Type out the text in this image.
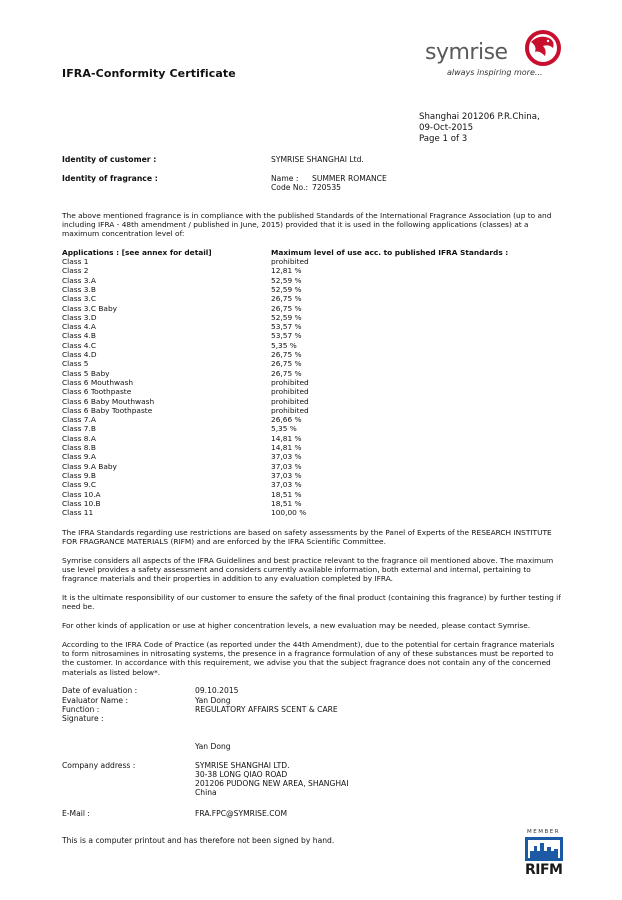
IFRA-Conformity Certificate
symrise
always inspiring more...
Shanghai 201206 P.R.China,
09-Oct-2015
Page 1 of 3
Identity of customer :	SYMRISE SHANGHAI Ltd.
Identity of fragrance :	Name : SUMMER ROMANCE
Code No.: 720535
The above mentioned fragrance is in compliance with the published Standards of the International Fragrance Association (up to and including IFRA - 48th amendment / published in June, 2015) provided that it is used in the following applications (classes) at a maximum concentration level of:
Applications : [see annex for detail]	Maximum level of use acc. to published IFRA Standards :
Class 1	prohibited
Class 2	12,81 %
Class 3.A	52,59 %
Class 3.B	52,59 %
Class 3.C	26,75 %
Class 3.C Baby	26,75 %
Class 3.D	52,59 %
Class 4.A	53,57 %
Class 4.B	53,57 %
Class 4.C	5,35 %
Class 4.D	26,75 %
Class 5	26,75 %
Class 5 Baby	26,75 %
Class 6 Mouthwash	prohibited
Class 6 Toothpaste	prohibited
Class 6 Baby Mouthwash	prohibited
Class 6 Baby Toothpaste	prohibited
Class 7.A	26,66 %
Class 7.B	5,35 %
Class 8.A	14,81 %
Class 8.B	14,81 %
Class 9.A	37,03 %
Class 9.A Baby	37,03 %
Class 9.B	37,03 %
Class 9.C	37,03 %
Class 10.A	18,51 %
Class 10.B	18,51 %
Class 11	100,00 %
The IFRA Standards regarding use restrictions are based on safety assessments by the Panel of Experts of the RESEARCH INSTITUTE FOR FRAGRANCE MATERIALS (RIFM) and are enforced by the IFRA Scientific Committee.
Symrise considers all aspects of the IFRA Guidelines and best practice relevant to the fragrance oil mentioned above. The maximum use level provides a safety assessment and considers currently available information, both external and internal, pertaining to fragrance materials and their properties in addition to any evaluation completed by IFRA.
It is the ultimate responsibility of our customer to ensure the safety of the final product (containing this fragrance) by further testing if need be.
For other kinds of application or use at higher concentration levels, a new evaluation may be needed, please contact Symrise.
According to the IFRA Code of Practice (as reported under the 44th Amendment), due to the potential for certain fragrance materials to form nitrosamines in nitrosating systems, the presence in a fragrance formulation of any of these substances must be reported to the customer. In accordance with this requirement, we advise you that the subject fragrance does not contain any of the concerned materials as listed below*.
Date of evaluation :	09.10.2015
Evaluator Name :	Yan Dong
Function :	REGULATORY AFFAIRS SCENT & CARE
Signature :
Yan Dong
Company address :	SYMRISE SHANGHAI LTD.
30-38 LONG QIAO ROAD
201206 PUDONG NEW AREA, SHANGHAI
China
E-Mail :	FRA.FPC@SYMRISE.COM
This is a computer printout and has therefore not been signed by hand.
MEMBER
RIFM
